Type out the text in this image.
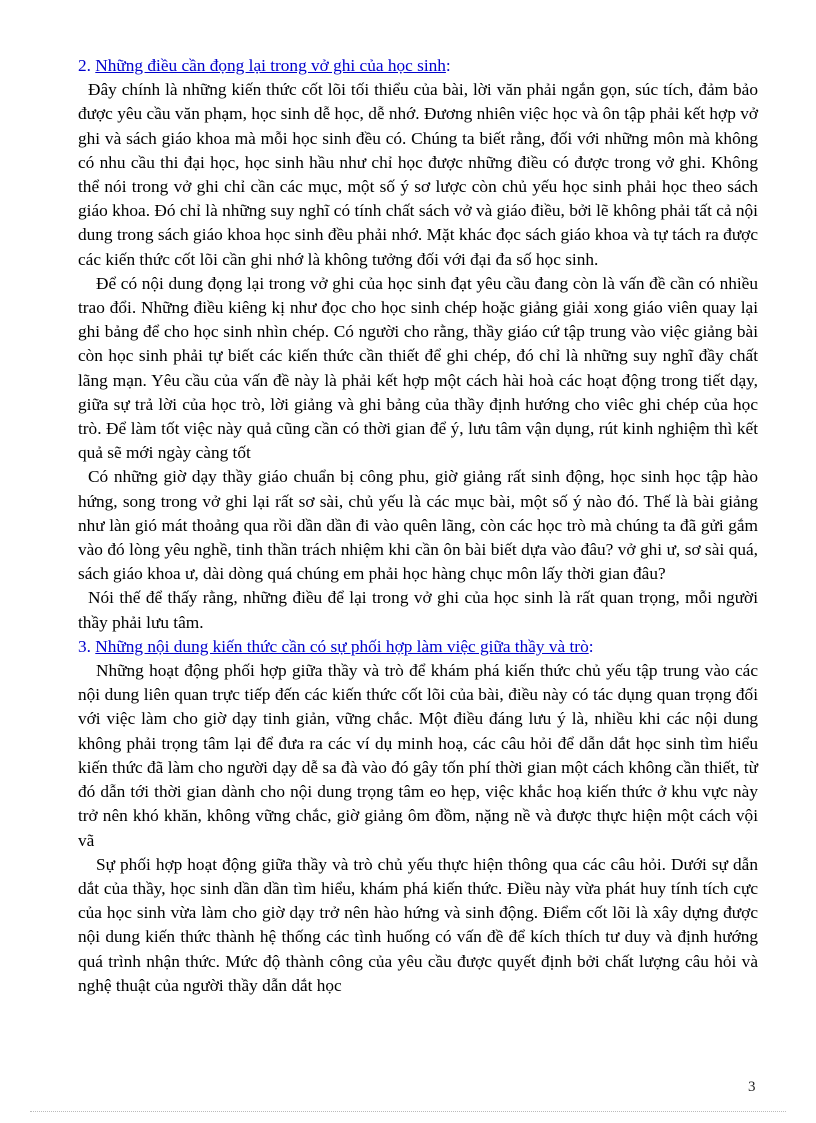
2. Những điều cần đọng lại trong vở ghi của học sinh:

Đây chính là những kiến thức cốt lõi tối thiểu của bài, lời văn phải ngắn gọn, súc tích, đảm bảo được yêu cầu văn phạm, học sinh dễ học, dễ nhớ. Đương nhiên việc học và ôn tập phải kết hợp vở ghi và sách giáo khoa mà mỗi học sinh đều có. Chúng ta biết rằng, đối với những môn mà không có nhu cầu thi đại học, học sinh hầu như chỉ học được những điều có được trong vở ghi. Không thể nói trong vở ghi chỉ cần các mục, một số ý sơ lược còn chủ yếu học sinh phải học theo sách giáo khoa. Đó chỉ là những suy nghĩ có tính chất sách vở và giáo điều, bởi lẽ không phải tất cả nội dung trong sách giáo khoa học sinh đều phải nhớ. Mặt khác đọc sách giáo khoa và tự tách ra được các kiến thức cốt lõi cần ghi nhớ là không tưởng đối với đại đa số học sinh.

Để có nội dung đọng lại trong vở ghi của học sinh đạt yêu cầu đang còn là vấn đề cần có nhiều trao đổi. Những điều kiêng kị như đọc cho học sinh chép hoặc giảng giải xong giáo viên quay lại ghi bảng để cho học sinh nhìn chép. Có người cho rằng, thầy giáo cứ tập trung vào việc giảng bài còn học sinh phải tự biết các kiến thức cần thiết để ghi chép, đó chỉ là những suy nghĩ đầy chất lãng mạn. Yêu cầu của vấn đề này là phải kết hợp một cách hài hoà các hoạt động trong tiết dạy, giữa sự trả lời của học trò, lời giảng và ghi bảng của thầy định hướng cho viêc ghi chép của học trò. Để làm tốt việc này quả cũng cần có thời gian để ý, lưu tâm vận dụng, rút kinh nghiệm thì kết quả sẽ mới ngày càng tốt

Có những giờ dạy thầy giáo chuẩn bị công phu, giờ giảng rất sinh động, học sinh học tập hào hứng, song trong vở ghi lại rất sơ sài, chủ yếu là các mục bài, một số ý nào đó. Thế là bài giảng như làn gió mát thoảng qua rồi dần dần đi vào quên lãng, còn các học trò mà chúng ta đã gửi gắm vào đó lòng yêu nghề, tinh thần trách nhiệm khi cần ôn bài biết dựa vào đâu? vở ghi ư, sơ sài quá, sách giáo khoa ư, dài dòng quá chúng em phải học hàng chục môn lấy thời gian đâu?

Nói thế để thấy rằng, những điều để lại trong vở ghi của học sinh là rất quan trọng, mỗi người thầy phải lưu tâm.

3. Những nội dung kiến thức cần có sự phối hợp làm việc giữa thầy và trò:

Những hoạt động phối hợp giữa thầy và trò để khám phá kiến thức chủ yếu tập trung vào các nội dung liên quan trực tiếp đến các kiến thức cốt lõi của bài, điều này có tác dụng quan trọng đối với việc làm cho giờ dạy tinh giản, vững chắc. Một điều đáng lưu ý là, nhiều khi các nội dung không phải trọng tâm lại để đưa ra các ví dụ minh hoạ, các câu hỏi để dẫn dắt học sinh tìm hiểu kiến thức đã làm cho người dạy dễ sa đà vào đó gây tốn phí thời gian một cách không cần thiết, từ đó dẫn tới thời gian dành cho nội dung trọng tâm eo hẹp, việc khắc hoạ kiến thức ở khu vực này trở nên khó khăn, không vững chắc, giờ giảng ôm đồm, nặng nề và được thực hiện một cách vội vã

Sự phối hợp hoạt động giữa thầy và trò chủ yếu thực hiện thông qua các câu hỏi. Dưới sự dẫn dắt của thầy, học sinh dần dần tìm hiểu, khám phá kiến thức. Điều này vừa phát huy tính tích cực của học sinh vừa làm cho giờ dạy trở nên hào hứng và sinh động. Điểm cốt lõi là xây dựng được nội dung kiến thức thành hệ thống các tình huống có vấn đề để kích thích tư duy và định hướng quá trình nhận thức. Mức độ thành công của yêu cầu được quyết định bởi chất lượng câu hỏi và nghệ thuật của người thầy dẫn dắt học

3
